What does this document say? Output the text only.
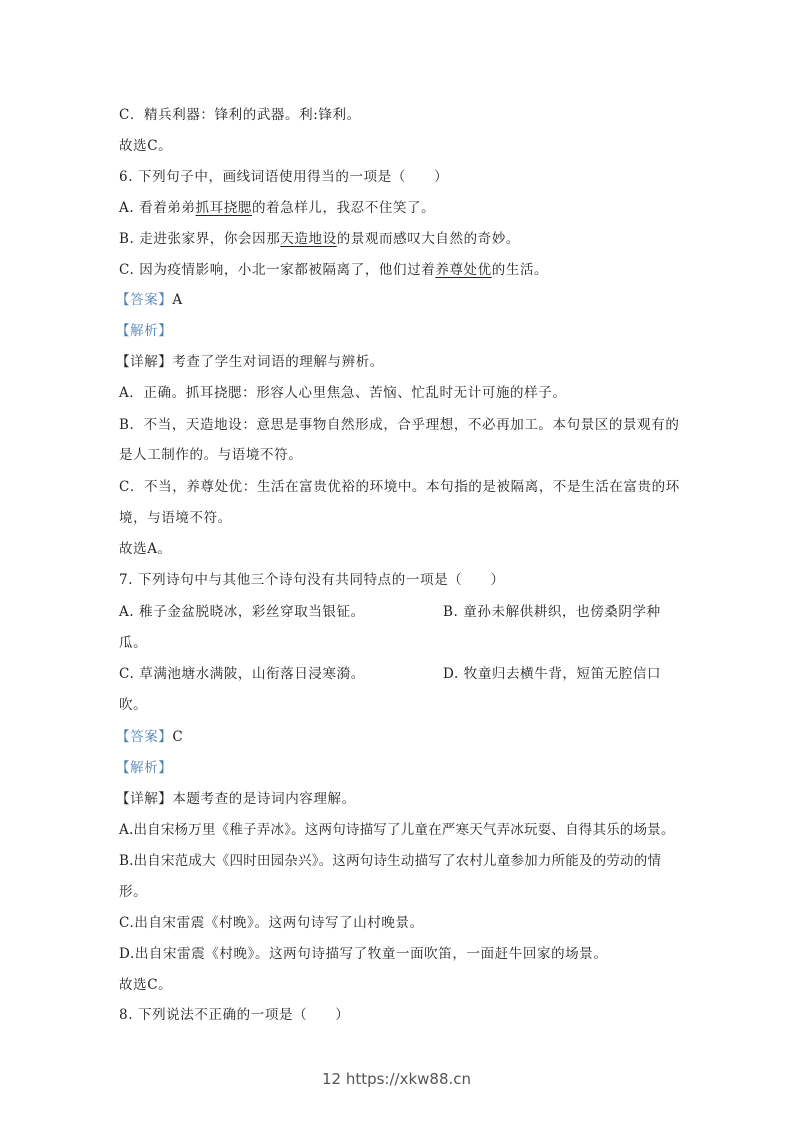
C．精兵利器：锋利的武器。利:锋利。
故选C。
6. 下列句子中，画线词语使用得当的一项是（　　）
A. 看着弟弟抓耳挠腮的着急样儿，我忍不住笑了。
B. 走进张家界，你会因那天造地设的景观而感叹大自然的奇妙。
C. 因为疫情影响，小北一家都被隔离了，他们过着养尊处优的生活。
【答案】A
【解析】
【详解】考查了学生对词语的理解与辨析。
A．正确。抓耳挠腮：形容人心里焦急、苦恼、忙乱时无计可施的样子。
B．不当，天造地设：意思是事物自然形成，合乎理想，不必再加工。本句景区的景观有的
是人工制作的。与语境不符。
C．不当，养尊处优：生活在富贵优裕的环境中。本句指的是被隔离，不是生活在富贵的环
境，与语境不符。
故选A。
7. 下列诗句中与其他三个诗句没有共同特点的一项是（　　）
A. 稚子金盆脱晓冰，彩丝穿取当银钲。	B. 童孙未解供耕织，也傍桑阴学种
瓜。
C. 草满池塘水满陂，山衔落日浸寒漪。	D. 牧童归去横牛背，短笛无腔信口
吹。
【答案】C
【解析】
【详解】本题考查的是诗词内容理解。
A.出自宋杨万里《稚子弄冰》。这两句诗描写了儿童在严寒天气弄冰玩耍、自得其乐的场景。
B.出自宋范成大《四时田园杂兴》。这两句诗生动描写了农村儿童参加力所能及的劳动的情
形。
C.出自宋雷震《村晚》。这两句诗写了山村晚景。
D.出自宋雷震《村晚》。这两句诗描写了牧童一面吹笛，一面赶牛回家的场景。
故选C。
8. 下列说法不正确的一项是（　　）
12 https://xkw88.cn
